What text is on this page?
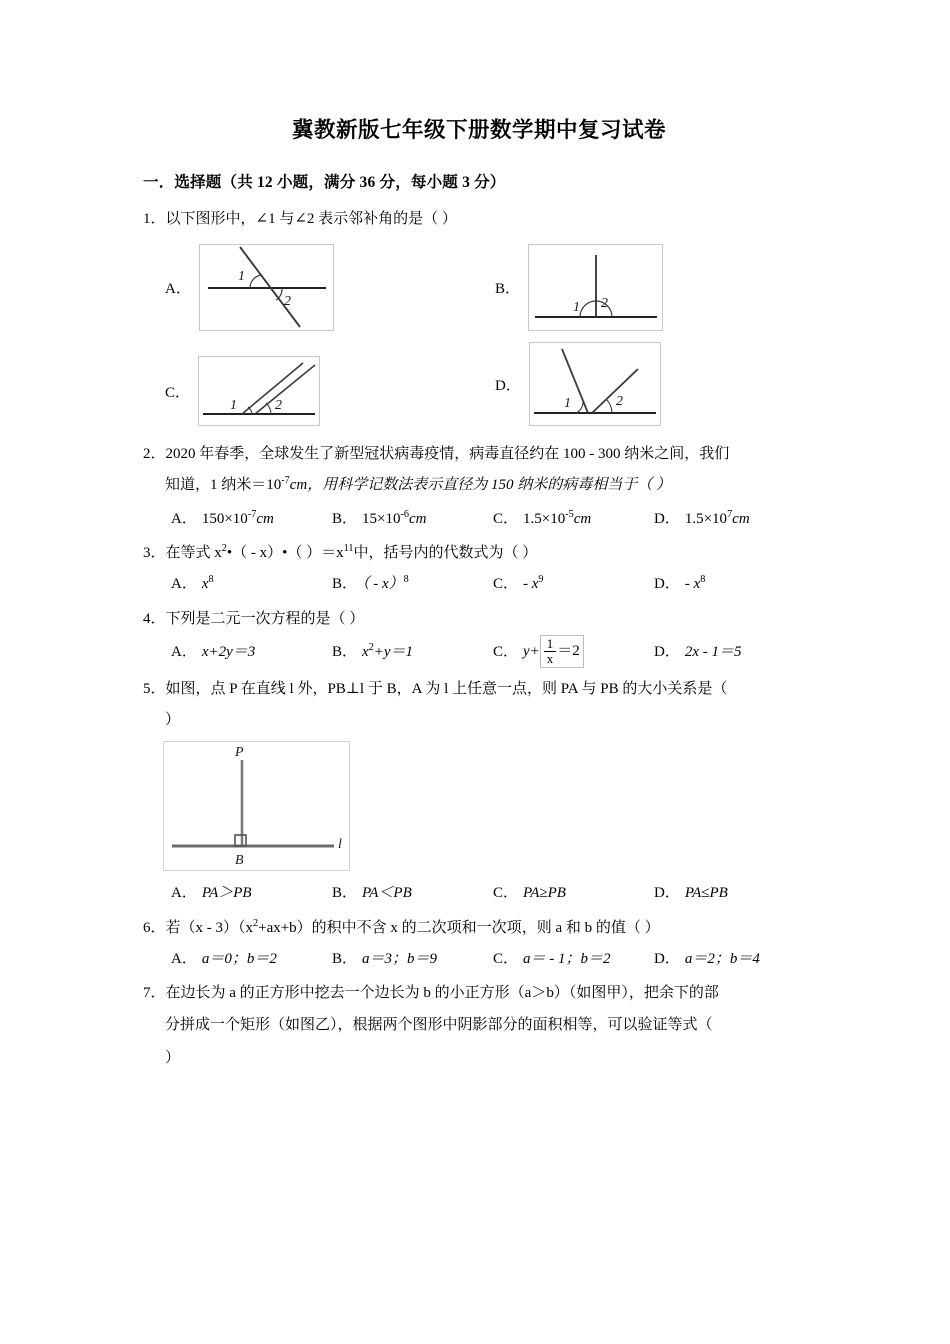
冀教新版七年级下册数学期中复习试卷
一．选择题（共 12 小题，满分 36 分，每小题 3 分）
1．以下图形中，∠1 与∠2 表示邻补角的是（ ）
A．
1
2
B．
1 2
C．
1	2
D．
1	2
2．2020 年春季，全球发生了新型冠状病毒疫情，病毒直径约在 100 - 300 纳米之间，我们
知道，1 纳米$=10^{-7}cm$，用科学记数法表示直径为 150 纳米的病毒相当于（ ）
A． $150\times 10^{-7}cm$	B． $15\times 10^{-6}cm$	C． $1.5\times 10^{-5}cm$	D． $1.5\times 10^7cm$
3．在等式 $x^2•$（ - x）•（ ）$=x^{11}$中，括号内的代数式为（ ）
A． $x^8$	B． （ - x）$^8$	C． - $x^9$	D． - $x^8$
4．下列是二元一次方程的是（ ）
A． x+2y＝3	B． $x^2+y=1$	C． $y+ \frac{1}{x} =2$	D． 2x - 1＝5
5．如图，点 P 在直线 l 外，PB⊥l 于 B，A 为 l 上任意一点，则 PA 与 PB 的大小关系是（
）
P
B
l
A． PA＞PB	B． PA＜PB	C． PA≥PB	D． PA≤PB
6．若$(x - 3)(x^2+ax+b)$的积中不含 x 的二次项和一次项，则 a 和 b 的值（ ）
A． a＝0；b＝2	B． a＝3；b＝9	C． a＝ - 1；b＝2	D． a＝2；b＝4
7．在边长为 a 的正方形中挖去一个边长为 b 的小正方形（a＞b）（如图甲），把余下的部
分拼成一个矩形（如图乙），根据两个图形中阴影部分的面积相等，可以验证等式（
）
